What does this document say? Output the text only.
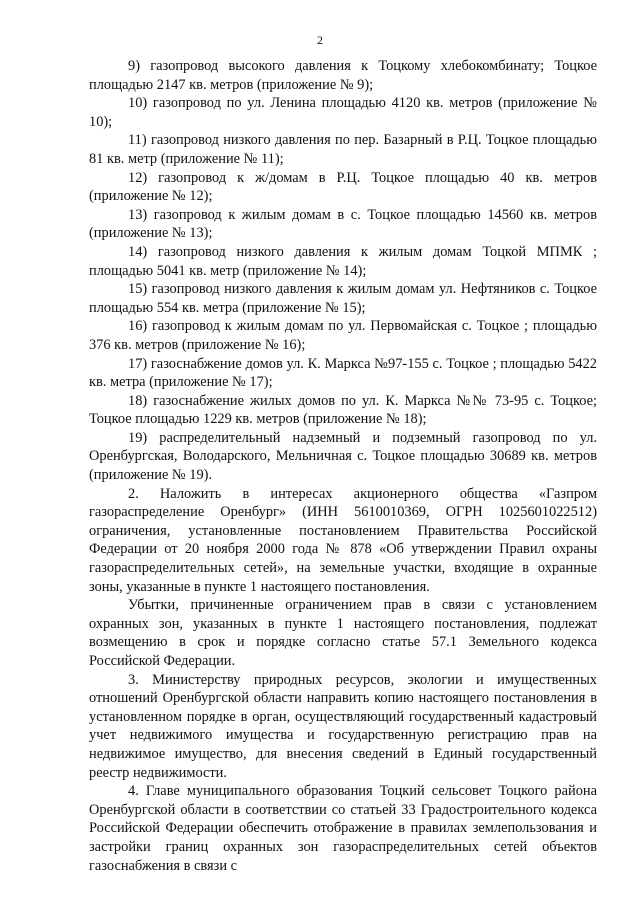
2

9) газопровод высокого давления к Тоцкому хлебокомбинату; Тоцкое площадью 2147 кв. метров (приложение № 9);

10) газопровод по ул. Ленина площадью 4120 кв. метров (приложение № 10);

11) газопровод низкого давления по пер. Базарный в Р.Ц. Тоцкое площадью 81 кв. метр (приложение № 11);

12) газопровод к ж/домам в Р.Ц. Тоцкое площадью 40 кв. метров (приложение № 12);

13) газопровод к жилым домам в с. Тоцкое площадью 14560 кв. метров (приложение № 13);

14) газопровод низкого давления к жилым домам Тоцкой МПМК ; площадью 5041 кв. метр (приложение № 14);

15) газопровод низкого давления к жилым домам ул. Нефтяников с. Тоцкое площадью 554 кв. метра (приложение № 15);

16) газопровод к жилым домам по ул. Первомайская с. Тоцкое ; площадью 376 кв. метров (приложение № 16);

17) газоснабжение домов ул. К. Маркса №97-155 с. Тоцкое ; площадью 5422 кв. метра (приложение № 17);

18) газоснабжение жилых домов по ул. К. Маркса №№ 73-95 с. Тоцкое; Тоцкое площадью 1229 кв. метров (приложение № 18);

19) распределительный надземный и подземный газопровод по ул. Оренбургская, Володарского, Мельничная с. Тоцкое площадью 30689 кв. метров (приложение № 19).

2. Наложить в интересах акционерного общества «Газпром газораспределение Оренбург» (ИНН 5610010369, ОГРН 1025601022512) ограничения, установленные постановлением Правительства Российской Федерации от 20 ноября 2000 года № 878 «Об утверждении Правил охраны газораспределительных сетей», на земельные участки, входящие в охранные зоны, указанные в пункте 1 настоящего постановления.

Убытки, причиненные ограничением прав в связи с установлением охранных зон, указанных в пункте 1 настоящего постановления, подлежат возмещению в срок и порядке согласно статье 57.1 Земельного кодекса Российской Федерации.

3. Министерству природных ресурсов, экологии и имущественных отношений Оренбургской области направить копию настоящего постановления в установленном порядке в орган, осуществляющий государственный кадастровый учет недвижимого имущества и государственную регистрацию прав на недвижимое имущество, для внесения сведений в Единый государственный реестр недвижимости.

4. Главе муниципального образования Тоцкий сельсовет Тоцкого района Оренбургской области в соответствии со статьей 33 Градостроительного кодекса Российской Федерации обеспечить отображение в правилах землепользования и застройки границ охранных зон газораспределительных сетей объектов газоснабжения в связи с
